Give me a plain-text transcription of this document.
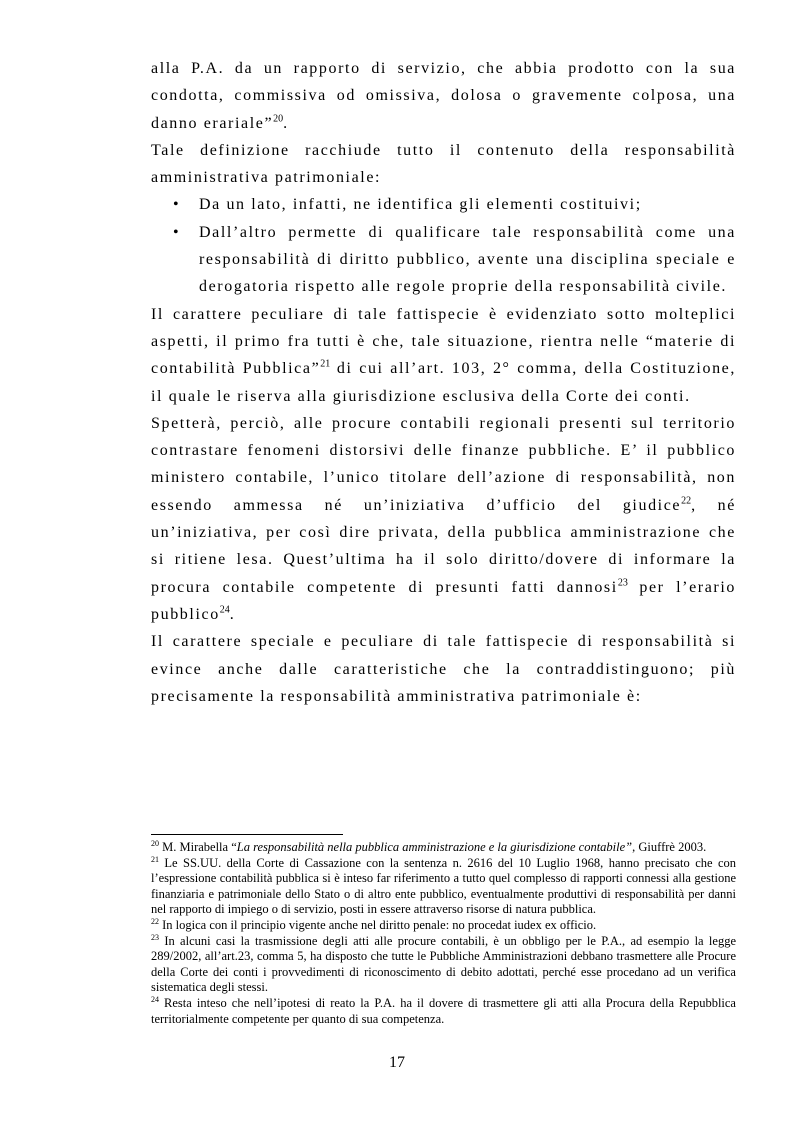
alla P.A. da un rapporto di servizio, che abbia prodotto con la sua condotta, commissiva od omissiva, dolosa o gravemente colposa, una danno erariale”$^{20}$.

Tale definizione racchiude tutto il contenuto della responsabilità amministrativa patrimoniale:

• Da un lato, infatti, ne identifica gli elementi costituivi;
• Dall’altro permette di qualificare tale responsabilità come una responsabilità di diritto pubblico, avente una disciplina speciale e derogatoria rispetto alle regole proprie della responsabilità civile.

Il carattere peculiare di tale fattispecie è evidenziato sotto molteplici aspetti, il primo fra tutti è che, tale situazione, rientra nelle “materie di contabilità Pubblica”$^{21}$ di cui all’art. 103, 2° comma, della Costituzione, il quale le riserva alla giurisdizione esclusiva della Corte dei conti.

Spetterà, perciò, alle procure contabili regionali presenti sul territorio contrastare fenomeni distorsivi delle finanze pubbliche. E’ il pubblico ministero contabile, l’unico titolare dell’azione di responsabilità, non essendo ammessa né un’iniziativa d’ufficio del giudice$^{22}$, né un’iniziativa, per così dire privata, della pubblica amministrazione che si ritiene lesa. Quest’ultima ha il solo diritto/dovere di informare la procura contabile competente di presunti fatti dannosi$^{23}$ per l’erario pubblico$^{24}$.

Il carattere speciale e peculiare di tale fattispecie di responsabilità si evince anche dalle caratteristiche che la contraddistinguono; più precisamente la responsabilità amministrativa patrimoniale è:

$^{20}$ M. Mirabella “La responsabilità nella pubblica amministrazione e la giurisdizione contabile”, Giuffrè 2003.

$^{21}$ Le SS.UU. della Corte di Cassazione con la sentenza n. 2616 del 10 Luglio 1968, hanno precisato che con l’espressione contabilità pubblica si è inteso far riferimento a tutto quel complesso di rapporti connessi alla gestione finanziaria e patrimoniale dello Stato o di altro ente pubblico, eventualmente produttivi di responsabilità per danni nel rapporto di impiego o di servizio, posti in essere attraverso risorse di natura pubblica.

$^{22}$ In logica con il principio vigente anche nel diritto penale: no procedat iudex ex officio.

$^{23}$ In alcuni casi la trasmissione degli atti alle procure contabili, è un obbligo per le P.A., ad esempio la legge 289/2002, all’art.23, comma 5, ha disposto che tutte le Pubbliche Amministrazioni debbano trasmettere alle Procure della Corte dei conti i provvedimenti di riconoscimento di debito adottati, perché esse procedano ad un verifica sistematica degli stessi.

$^{24}$ Resta inteso che nell’ipotesi di reato la P.A. ha il dovere di trasmettere gli atti alla Procura della Repubblica territorialmente competente per quanto di sua competenza.

17
